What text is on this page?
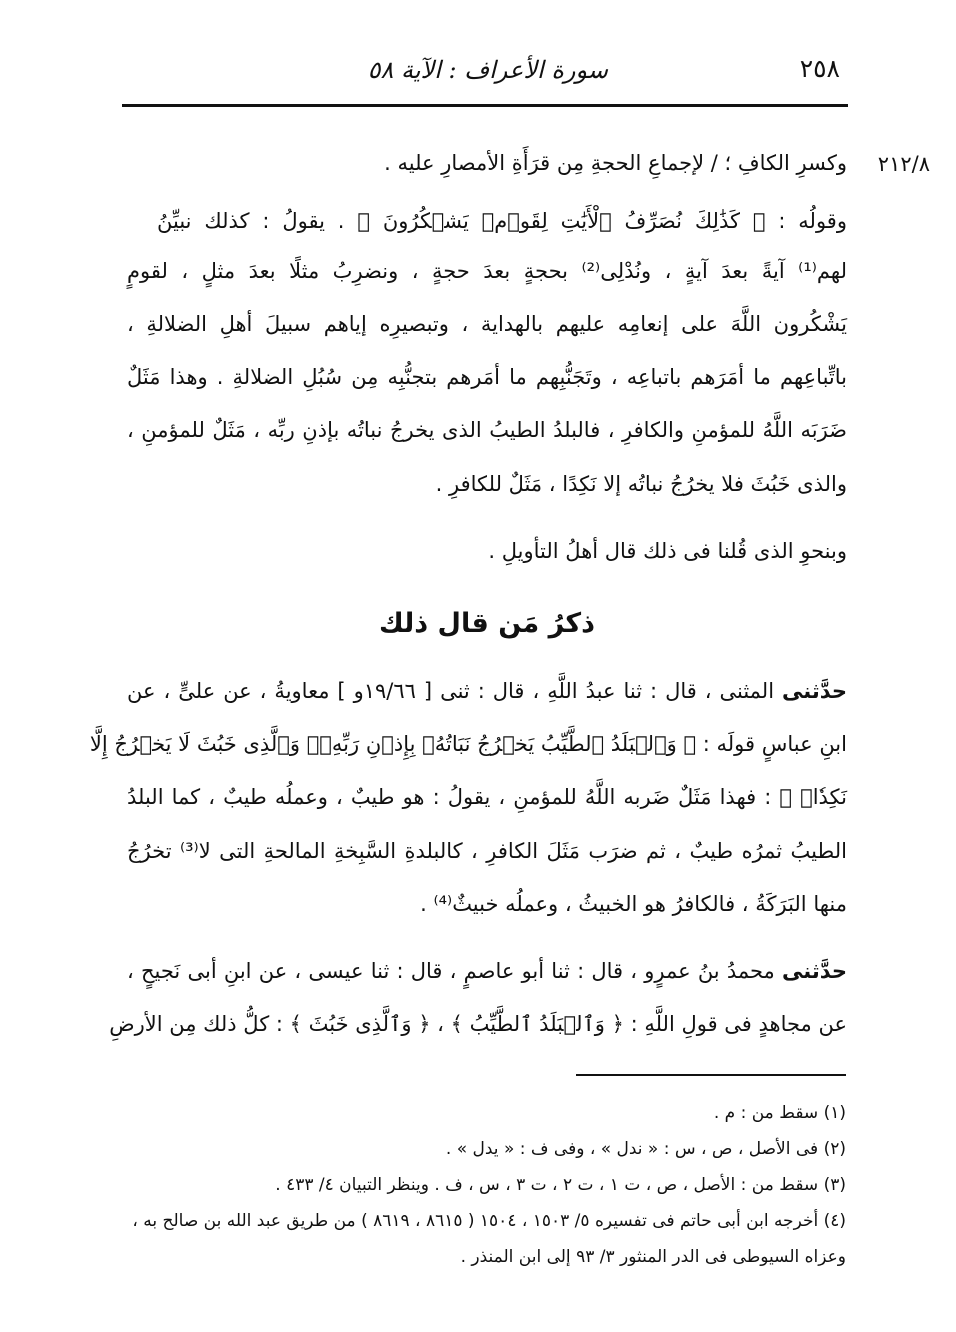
٢٥٨
سورة الأعراف : الآية ٥٨
٢١٢/٨
وكسرِ الكافِ ؛ / لإجماعِ الحجةِ مِن قرَأَةِ الأمصارِ عليه .
وقولُه : ﴿ كَذَٰلِكَ نُصَرِّفُ ٱلْأَيَٰتِ لِقَوۡمٖ يَشۡكُرُونَ ﴾ . يقولُ : كذلك نبيِّنُ
لهم⁽¹⁾ آيةً بعدَ آيةٍ ، ونُدْلِى⁽²⁾ بحجةٍ بعدَ حجةٍ ، ونضرِبُ مثلًا بعدَ مثلٍ ، لقومٍ
يَشْكُرون اللَّهَ على إنعامِه عليهم بالهداية ، وتبصيرِه إياهم سبيلَ أهلِ الضلالةِ ،
باتِّباعِهم ما أمَرَهم باتباعِه ، وتَجَنُّبِهم ما أمَرهم بتجنُّبِه مِن سُبُلِ الضلالةِ . وهذا مَثَلٌ
ضَرَبَه اللَّهُ للمؤمنِ والكافرِ ، فالبلدُ الطيبُ الذى يخرجُ نباتُه بإذنِ ربِّه ، مَثَلٌ للمؤمنِ ،
والذى خَبُثَ فلا يخرُجُ نباتُه إلا نَكِدًا ، مَثَلٌ للكافرِ .
وبنحوِ الذى قُلنا فى ذلك قال أهلُ التأويلِ .
حدَّثنى المثنى ، قال : ثنا عبدُ اللَّهِ ، قال : ثنى [ ١٩/٦٦و ] معاويةُ ، عن علىٍّ ، عن
ابنِ عباسٍ قولَه : ﴿ وَٱلۡبَلَدُ ٱلطَّيِّبُ يَخۡرُجُ نَبَاتُهُۥ بِإِذۡنِ رَبِّهِۦۖ وَٱلَّذِى خَبُثَ لَا يَخۡرُجُ إِلَّا
نَكِدٗاۚ ﴾ : فهذا مَثَلٌ ضَربه اللَّهُ للمؤمنِ ، يقولُ : هو طيبٌ ، وعملُه طيبٌ ، كما البلدُ
الطيبُ ثمرُه طيبٌ ، ثم ضرَب مَثَلَ الكافرِ ، كالبلدةِ السَّبِخةِ المالحةِ التى لا⁽³⁾ تخرُجُ
منها البَرَكَةُ ، فالكافرُ هو الخبيثُ ، وعملُه خبيثٌ⁽⁴⁾ .
حدَّثنى محمدُ بنُ عمرٍو ، قال : ثنا أبو عاصمٍ ، قال : ثنا عيسى ، عن ابنِ أبى نَجيحٍ ،
عن مجاهدٍ فى قولِ اللَّهِ : ﴿ وَٱلۡبَلَدُ ٱلطَّيِّبُ ﴾ ، ﴿ وَٱلَّذِى خَبُثَ ﴾ : كلُّ ذلك مِن الأرضِ
ذكرُ مَن قال ذلك
(١) سقط من : م .
(٢) فى الأصل ، ص ، س : « ندل » ، وفى ف : « يدل » .
(٣) سقط من : الأصل ، ص ، ت ١ ، ت ٢ ، ت ٣ ، س ، ف . وينظر التبيان ٤/ ٤٣٣ .
(٤) أخرجه ابن أبى حاتم فى تفسيره ٥/ ١٥٠٣ ، ١٥٠٤ ( ٨٦١٥ ، ٨٦١٩ ) من طريق عبد الله بن صالح به ،
وعزاه السيوطى فى الدر المنثور ٣/ ٩٣ إلى ابن المنذر .
